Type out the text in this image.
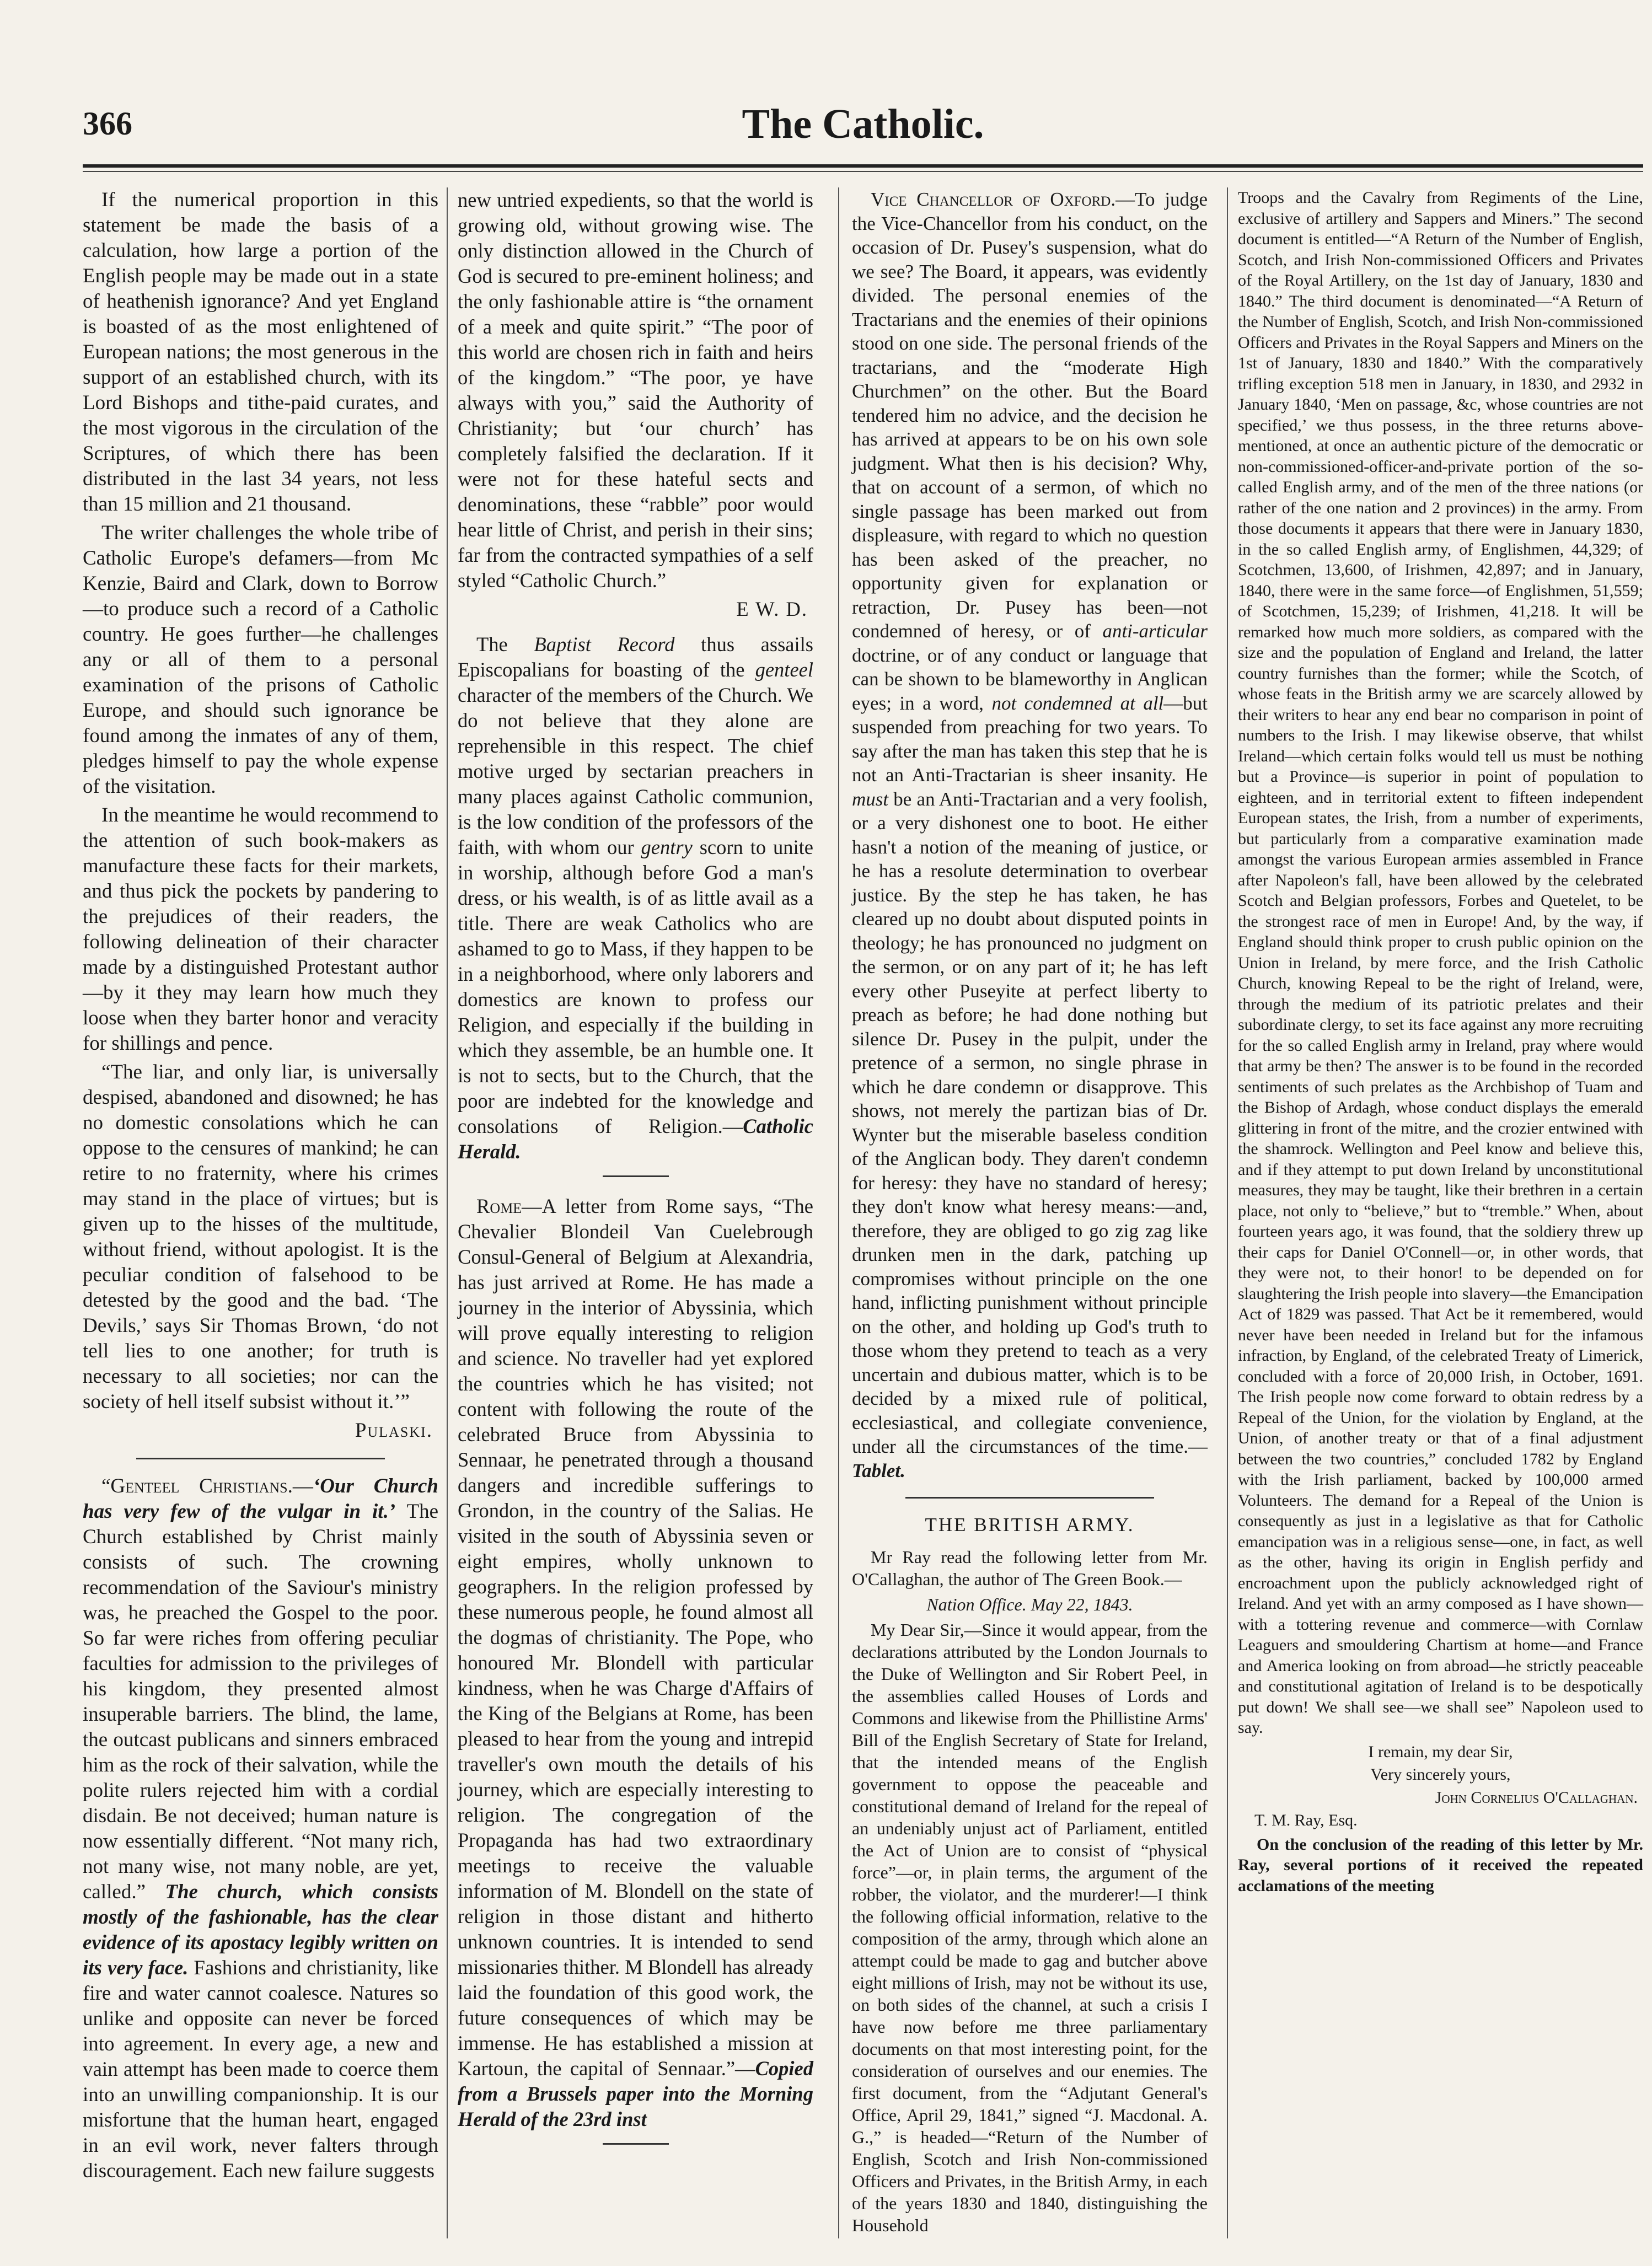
366	The Catholic.

If the numerical proportion in this statement be made the basis of a calculation, how large a portion of the English people may be made out in a state of heathenish ignorance? And yet England is boasted of as the most enlightened of European nations; the most generous in the support of an established church, with its Lord Bishops and tithe-paid curates, and the most vigorous in the circulation of the Scriptures, of which there has been distributed in the last 34 years, not less than 15 million and 21 thousand.

The writer challenges the whole tribe of Catholic Europe's defamers—from Mc Kenzie, Baird and Clark, down to Borrow—to produce such a record of a Catholic country. He goes further—he challenges any or all of them to a personal examination of the prisons of Catholic Europe, and should such ignorance be found among the inmates of any of them, pledges himself to pay the whole expense of the visitation.

In the meantime he would recommend to the attention of such book-makers as manufacture these facts for their markets, and thus pick the pockets by pandering to the prejudices of their readers, the following delineation of their character made by a distinguished Protestant author—by it they may learn how much they loose when they barter honor and veracity for shillings and pence.

“The liar, and only liar, is universally despised, abandoned and disowned; he has no domestic consolations which he can oppose to the censures of mankind; he can retire to no fraternity, where his crimes may stand in the place of virtues; but is given up to the hisses of the multitude, without friend, without apologist. It is the peculiar condition of falsehood to be detested by the good and the bad. ‘The Devils,’ says Sir Thomas Brown, ‘do not tell lies to one another; for truth is necessary to all societies; nor can the society of hell itself subsist without it.’”

Pulaski.

“Genteel Christians.—‘Our Church has very few of the vulgar in it.’ The Church established by Christ mainly consists of such. The crowning recommendation of the Saviour's ministry was, he preached the Gospel to the poor. So far were riches from offering peculiar faculties for admission to the privileges of his kingdom, they presented almost insuperable barriers. The blind, the lame, the outcast publicans and sinners embraced him as the rock of their salvation, while the polite rulers rejected him with a cordial disdain. Be not deceived; human nature is now essentially different. “Not many rich, not many wise, not many noble, are yet, called.” The church, which consists mostly of the fashionable, has the clear evidence of its apostacy legibly written on its very face. Fashions and christianity, like fire and water cannot coalesce. Natures so unlike and opposite can never be forced into agreement. In every age, a new and vain attempt has been made to coerce them into an unwilling companionship. It is our misfortune that the human heart, engaged in an evil work, never falters through discouragement. Each new failure suggests

new untried expedients, so that the world is growing old, without growing wise. The only distinction allowed in the Church of God is secured to pre-eminent holiness; and the only fashionable attire is “the ornament of a meek and quite spirit.” “The poor of this world are chosen rich in faith and heirs of the kingdom.” “The poor, ye have always with you,” said the Authority of Christianity; but ‘our church’ has completely falsified the declaration. If it were not for these hateful sects and denominations, these “rabble” poor would hear little of Christ, and perish in their sins; far from the contracted sympathies of a self styled “Catholic Church.”

E W. D.

The Baptist Record thus assails Episcopalians for boasting of the genteel character of the members of the Church. We do not believe that they alone are reprehensible in this respect. The chief motive urged by sectarian preachers in many places against Catholic communion, is the low condition of the professors of the faith, with whom our gentry scorn to unite in worship, although before God a man's dress, or his wealth, is of as little avail as a title. There are weak Catholics who are ashamed to go to Mass, if they happen to be in a neighborhood, where only laborers and domestics are known to profess our Religion, and especially if the building in which they assemble, be an humble one. It is not to sects, but to the Church, that the poor are indebted for the knowledge and consolations of Religion.—Catholic Herald.

Rome—A letter from Rome says, “The Chevalier Blondeil Van Cuelebrough Consul-General of Belgium at Alexandria, has just arrived at Rome. He has made a journey in the interior of Abyssinia, which will prove equally interesting to religion and science. No traveller had yet explored the countries which he has visited; not content with following the route of the celebrated Bruce from Abyssinia to Sennaar, he penetrated through a thousand dangers and incredible sufferings to Grondon, in the country of the Salias. He visited in the south of Abyssinia seven or eight empires, wholly unknown to geographers. In the religion professed by these numerous people, he found almost all the dogmas of christianity. The Pope, who honoured Mr. Blondell with particular kindness, when he was Charge d'Affairs of the King of the Belgians at Rome, has been pleased to hear from the young and intrepid traveller's own mouth the details of his journey, which are especially interesting to religion. The congregation of the Propaganda has had two extraordinary meetings to receive the valuable information of M. Blondell on the state of religion in those distant and hitherto unknown countries. It is intended to send missionaries thither. M Blondell has already laid the foundation of this good work, the future consequences of which may be immense. He has established a mission at Kartoun, the capital of Sennaar.”—Copied from a Brussels paper into the Morning Herald of the 23rd inst

Vice Chancellor of Oxford.—To judge the Vice-Chancellor from his conduct, on the occasion of Dr. Pusey's suspension, what do we see? The Board, it appears, was evidently divided. The personal enemies of the Tractarians and the enemies of their opinions stood on one side. The personal friends of the tractarians, and the “moderate High Churchmen” on the other. But the Board tendered him no advice, and the decision he has arrived at appears to be on his own sole judgment. What then is his decision? Why, that on account of a sermon, of which no single passage has been marked out from displeasure, with regard to which no question has been asked of the preacher, no opportunity given for explanation or retraction, Dr. Pusey has been—not condemned of heresy, or of anti-articular doctrine, or of any conduct or language that can be shown to be blameworthy in Anglican eyes; in a word, not condemned at all—but suspended from preaching for two years. To say after the man has taken this step that he is not an Anti-Tractarian is sheer insanity. He must be an Anti-Tractarian and a very foolish, or a very dishonest one to boot. He either hasn't a notion of the meaning of justice, or he has a resolute determination to overbear justice. By the step he has taken, he has cleared up no doubt about disputed points in theology; he has pronounced no judgment on the sermon, or on any part of it; he has left every other Puseyite at perfect liberty to preach as before; he had done nothing but silence Dr. Pusey in the pulpit, under the pretence of a sermon, no single phrase in which he dare condemn or disapprove. This shows, not merely the partizan bias of Dr. Wynter but the miserable baseless condition of the Anglican body. They daren't condemn for heresy: they have no standard of heresy; they don't know what heresy means:—and, therefore, they are obliged to go zig zag like drunken men in the dark, patching up compromises without principle on the one hand, inflicting punishment without principle on the other, and holding up God's truth to those whom they pretend to teach as a very uncertain and dubious matter, which is to be decided by a mixed rule of political, ecclesiastical, and collegiate convenience, under all the circumstances of the time.—Tablet.

THE BRITISH ARMY.

Mr Ray read the following letter from Mr. O'Callaghan, the author of The Green Book.—

Nation Office. May 22, 1843.

My Dear Sir,—Since it would appear, from the declarations attributed by the London Journals to the Duke of Wellington and Sir Robert Peel, in the assemblies called Houses of Lords and Commons and likewise from the Phillistine Arms' Bill of the English Secretary of State for Ireland, that the intended means of the English government to oppose the peaceable and constitutional demand of Ireland for the repeal of an undeniably unjust act of Parliament, entitled the Act of Union are to consist of “physical force”—or, in plain terms, the argument of the robber, the violator, and the murderer!—I think the following official information, relative to the composition of the army, through which alone an attempt could be made to gag and butcher above eight millions of Irish, may not be without its use, on both sides of the channel, at such a crisis I have now before me three parliamentary documents on that most interesting point, for the consideration of ourselves and our enemies. The first document, from the “Adjutant General's Office, April 29, 1841,” signed “J. Macdonal. A. G.,” is headed—“Return of the Number of English, Scotch and Irish Non-commissioned Officers and Privates, in the British Army, in each of the years 1830 and 1840, distinguishing the Household

Troops and the Cavalry from Regiments of the Line, exclusive of artillery and Sappers and Miners.” The second document is entitled—“A Return of the Number of English, Scotch, and Irish Non-commissioned Officers and Privates of the Royal Artillery, on the 1st day of January, 1830 and 1840.” The third document is denominated—“A Return of the Number of English, Scotch, and Irish Non-commissioned Officers and Privates in the Royal Sappers and Miners on the 1st of January, 1830 and 1840.” With the comparatively trifling exception 518 men in January, in 1830, and 2932 in January 1840, ‘Men on passage, &c, whose countries are not specified,’ we thus possess, in the three returns above-mentioned, at once an authentic picture of the democratic or non-commissioned-officer-and-private portion of the so-called English army, and of the men of the three nations (or rather of the one nation and 2 provinces) in the army. From those documents it appears that there were in January 1830, in the so called English army, of Englishmen, 44,329; of Scotchmen, 13,600, of Irishmen, 42,897; and in January, 1840, there were in the same force—of Englishmen, 51,559; of Scotchmen, 15,239; of Irishmen, 41,218. It will be remarked how much more soldiers, as compared with the size and the population of England and Ireland, the latter country furnishes than the former; while the Scotch, of whose feats in the British army we are scarcely allowed by their writers to hear any end bear no comparison in point of numbers to the Irish. I may likewise observe, that whilst Ireland—which certain folks would tell us must be nothing but a Province—is superior in point of population to eighteen, and in territorial extent to fifteen independent European states, the Irish, from a number of experiments, but particularly from a comparative examination made amongst the various European armies assembled in France after Napoleon's fall, have been allowed by the celebrated Scotch and Belgian professors, Forbes and Quetelet, to be the strongest race of men in Europe! And, by the way, if England should think proper to crush public opinion on the Union in Ireland, by mere force, and the Irish Catholic Church, knowing Repeal to be the right of Ireland, were, through the medium of its patriotic prelates and their subordinate clergy, to set its face against any more recruiting for the so called English army in Ireland, pray where would that army be then? The answer is to be found in the recorded sentiments of such prelates as the Archbishop of Tuam and the Bishop of Ardagh, whose conduct displays the emerald glittering in front of the mitre, and the crozier entwined with the shamrock. Wellington and Peel know and believe this, and if they attempt to put down Ireland by unconstitutional measures, they may be taught, like their brethren in a certain place, not only to “believe,” but to “tremble.” When, about fourteen years ago, it was found, that the soldiery threw up their caps for Daniel O'Connell—or, in other words, that they were not, to their honor! to be depended on for slaughtering the Irish people into slavery—the Emancipation Act of 1829 was passed. That Act be it remembered, would never have been needed in Ireland but for the infamous infraction, by England, of the celebrated Treaty of Limerick, concluded with a force of 20,000 Irish, in October, 1691. The Irish people now come forward to obtain redress by a Repeal of the Union, for the violation by England, at the Union, of another treaty or that of a final adjustment between the two countries,” concluded 1782 by England with the Irish parliament, backed by 100,000 armed Volunteers. The demand for a Repeal of the Union is consequently as just in a legislative as that for Catholic emancipation was in a religious sense—one, in fact, as well as the other, having its origin in English perfidy and encroachment upon the publicly acknowledged right of Ireland. And yet with an army composed as I have shown—with a tottering revenue and commerce—with Cornlaw Leaguers and smouldering Chartism at home—and France and America looking on from abroad—he strictly peaceable and constitutional agitation of Ireland is to be despotically put down! We shall see—we shall see” Napoleon used to say.

I remain, my dear Sir,

Very sincerely yours,

John Cornelius O'Callaghan.

T. M. Ray, Esq.

On the conclusion of the reading of this letter by Mr. Ray, several portions of it received the repeated acclamations of the meeting
